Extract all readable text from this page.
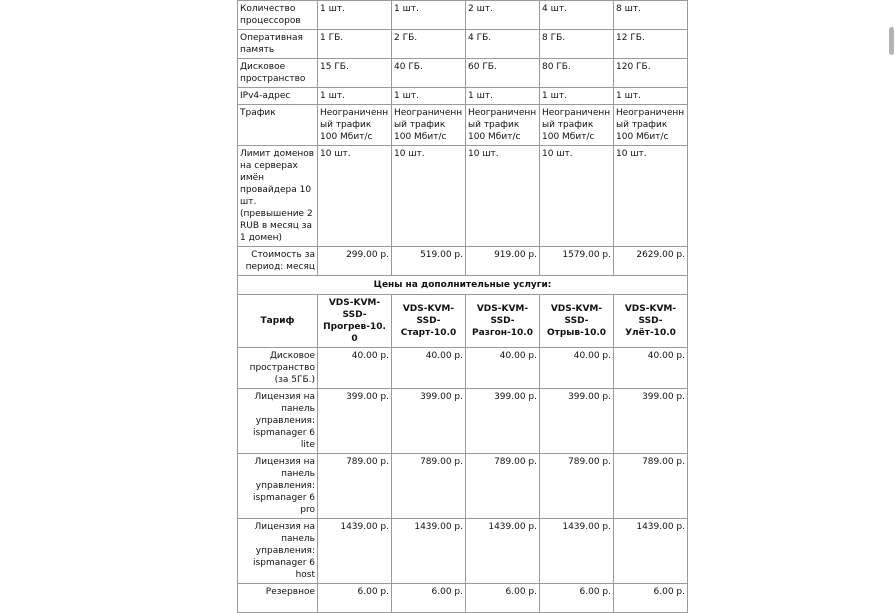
Количество процессоров	1 шт.	1 шт.	2 шт.	4 шт.	8 шт.
Оперативная память	1 ГБ.	2 ГБ.	4 ГБ.	8 ГБ.	12 ГБ.
Дисковое пространство	15 ГБ.	40 ГБ.	60 ГБ.	80 ГБ.	120 ГБ.
IPv4-адрес	1 шт.	1 шт.	1 шт.	1 шт.	1 шт.
Трафик	Неограниченный трафик 100 Мбит/с	Неограниченный трафик 100 Мбит/с	Неограниченный трафик 100 Мбит/с	Неограниченный трафик 100 Мбит/с	Неограниченный трафик 100 Мбит/с
Лимит доменов на серверах имён провайдера 10 шт. (превышение 2 RUB в месяц за 1 домен)	10 шт.	10 шт.	10 шт.	10 шт.	10 шт.
Стоимость за период: месяц	299.00 р.	519.00 р.	919.00 р.	1579.00 р.	2629.00 р.
Цены на дополнительные услуги:					
Тариф	VDS-KVM-SSD-Прогрев-10.0	VDS-KVM-SSD-Старт-10.0	VDS-KVM-SSD-Разгон-10.0	VDS-KVM-SSD-Отрыв-10.0	VDS-KVM-SSD-Улёт-10.0
Дисковое пространство (за 5ГБ.)	40.00 р.	40.00 р.	40.00 р.	40.00 р.	40.00 р.
Лицензия на панель управления: ispmanager 6 lite	399.00 р.	399.00 р.	399.00 р.	399.00 р.	399.00 р.
Лицензия на панель управления: ispmanager 6 pro	789.00 р.	789.00 р.	789.00 р.	789.00 р.	789.00 р.
Лицензия на панель управления: ispmanager 6 host	1439.00 р.	1439.00 р.	1439.00 р.	1439.00 р.	1439.00 р.
Резервное	6.00 р.	6.00 р.	6.00 р.	6.00 р.	6.00 р.
